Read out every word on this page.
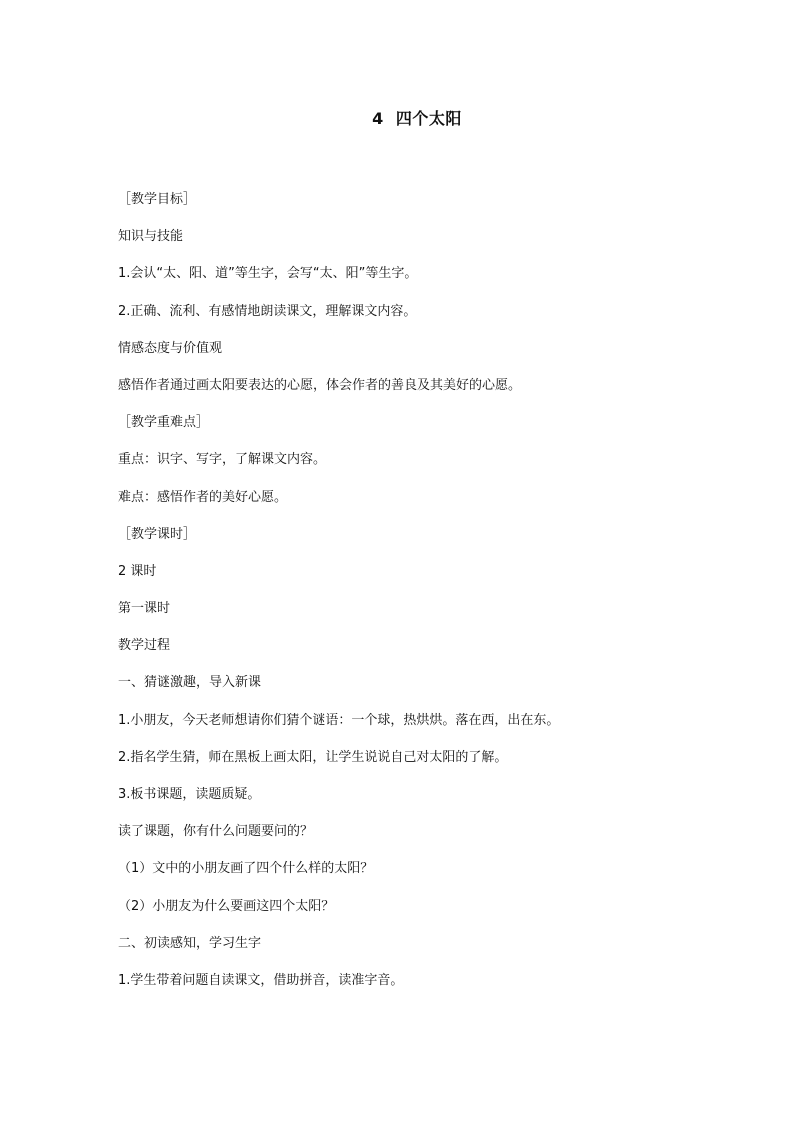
4  四个太阳
［教学目标］
知识与技能
1.会认“太、阳、道”等生字，会写“太、阳”等生字。
2.正确、流利、有感情地朗读课文，理解课文内容。
情感态度与价值观
感悟作者通过画太阳要表达的心愿，体会作者的善良及其美好的心愿。
［教学重难点］
重点：识字、写字，了解课文内容。
难点：感悟作者的美好心愿。
［教学课时］
2 课时
第一课时
教学过程
一、猜谜激趣，导入新课
1.小朋友，今天老师想请你们猜个谜语：一个球，热烘烘。落在西，出在东。
2.指名学生猜，师在黑板上画太阳，让学生说说自己对太阳的了解。
3.板书课题，读题质疑。
读了课题，你有什么问题要问的？
（1）文中的小朋友画了四个什么样的太阳？
（2）小朋友为什么要画这四个太阳？
二、初读感知，学习生字
1.学生带着问题自读课文，借助拼音，读准字音。
